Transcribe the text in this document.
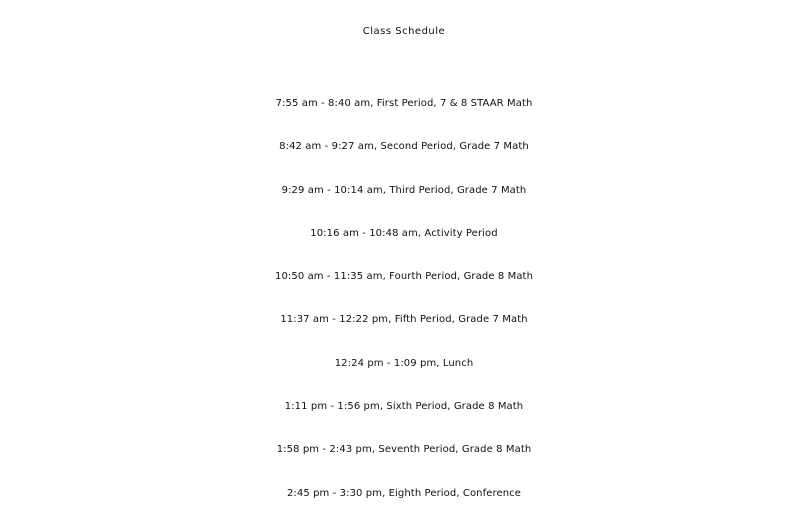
Class Schedule
7:55 am - 8:40 am, First Period, 7 & 8 STAAR Math
8:42 am - 9:27 am, Second Period, Grade 7 Math
9:29 am - 10:14 am, Third Period, Grade 7 Math
10:16 am - 10:48 am, Activity Period
10:50 am - 11:35 am, Fourth Period, Grade 8 Math
11:37 am - 12:22 pm, Fifth Period, Grade 7 Math
12:24 pm - 1:09 pm, Lunch
1:11 pm - 1:56 pm, Sixth Period, Grade 8 Math
1:58 pm - 2:43 pm, Seventh Period, Grade 8 Math
2:45 pm - 3:30 pm, Eighth Period, Conference
